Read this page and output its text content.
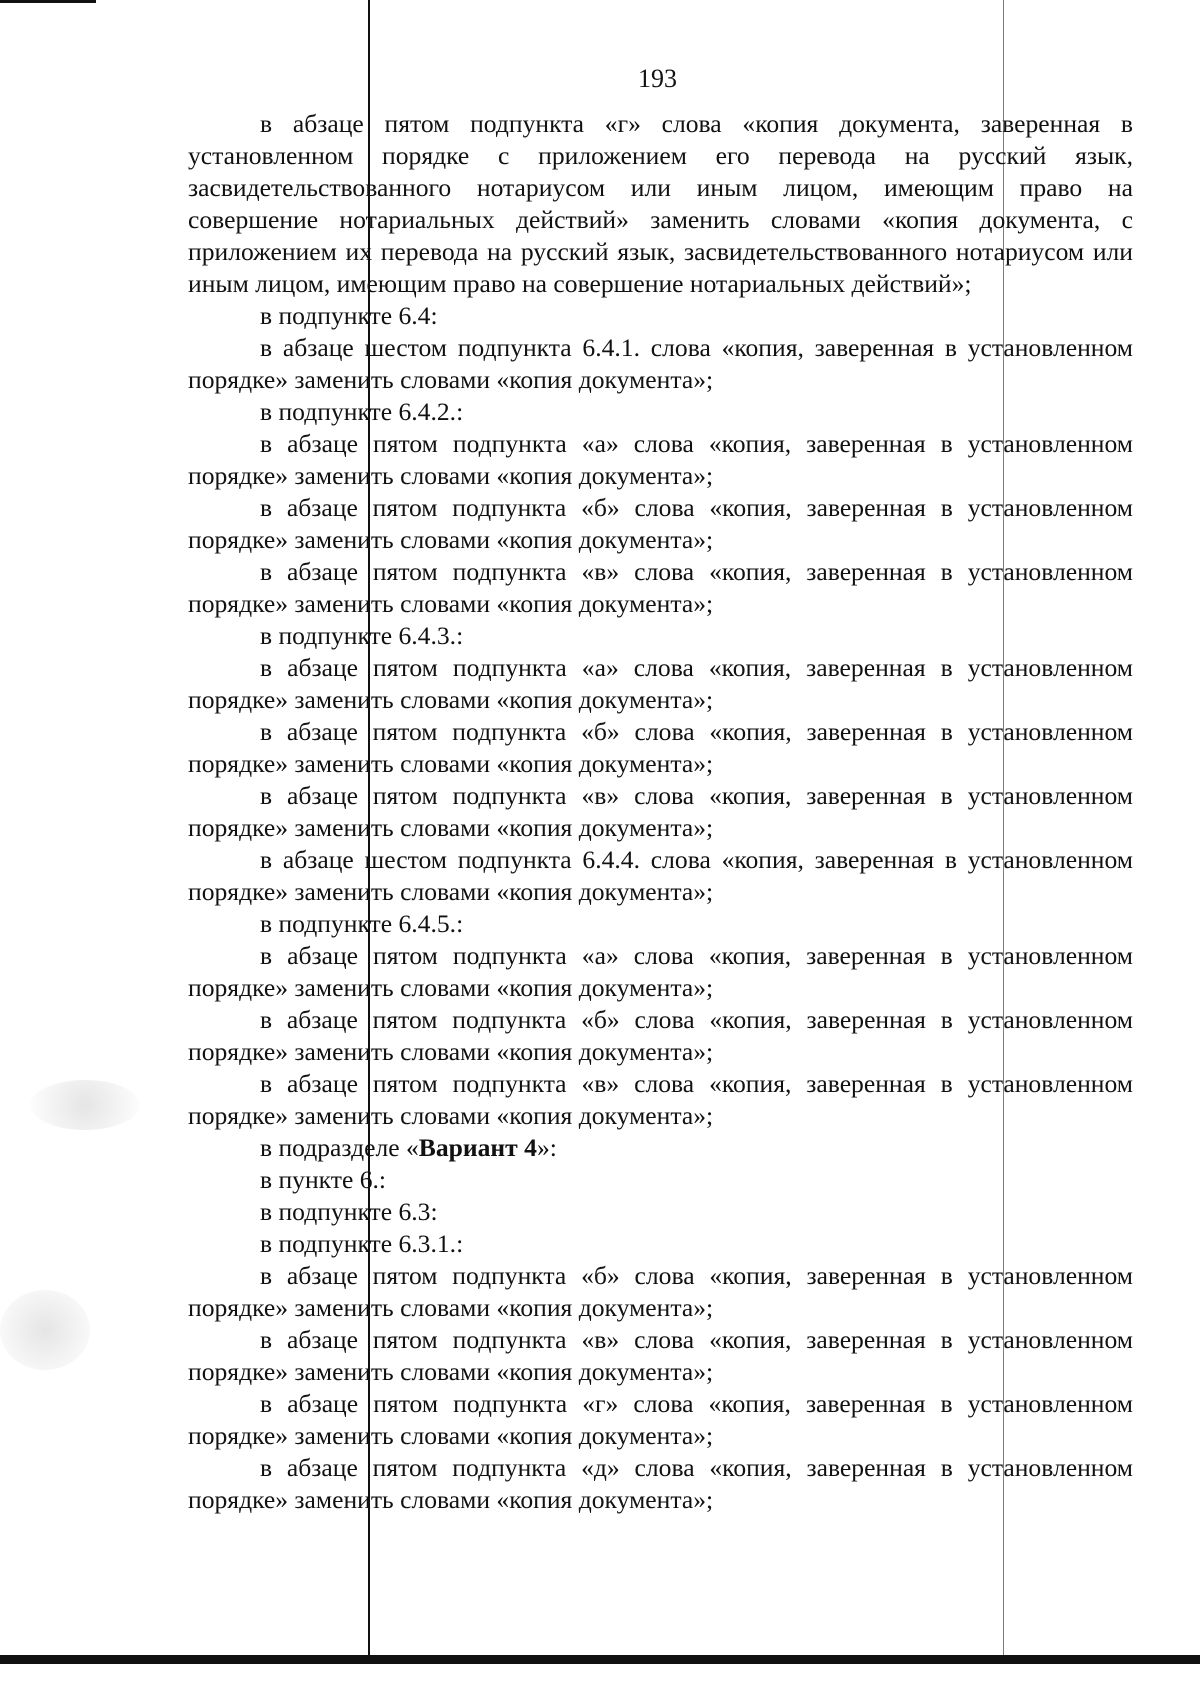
193

в абзаце пятом подпункта «г» слова «копия документа, заверенная в установленном порядке с приложением его перевода на русский язык, засвидетельствованного нотариусом или иным лицом, имеющим право на совершение нотариальных действий» заменить словами «копия документа, с приложением их перевода на русский язык, засвидетельствованного нотариусом или иным лицом, имеющим право на совершение нотариальных действий»;

в подпункте 6.4:

в абзаце шестом подпункта 6.4.1. слова «копия, заверенная в установленном порядке» заменить словами «копия документа»;

в подпункте 6.4.2.:

в абзаце пятом подпункта «а» слова «копия, заверенная в установленном порядке» заменить словами «копия документа»;

в абзаце пятом подпункта «б» слова «копия, заверенная в установленном порядке» заменить словами «копия документа»;

в абзаце пятом подпункта «в» слова «копия, заверенная в установленном порядке» заменить словами «копия документа»;

в подпункте 6.4.3.:

в абзаце пятом подпункта «а» слова «копия, заверенная в установленном порядке» заменить словами «копия документа»;

в абзаце пятом подпункта «б» слова «копия, заверенная в установленном порядке» заменить словами «копия документа»;

в абзаце пятом подпункта «в» слова «копия, заверенная в установленном порядке» заменить словами «копия документа»;

в абзаце шестом подпункта 6.4.4. слова «копия, заверенная в установленном порядке» заменить словами «копия документа»;

в подпункте 6.4.5.:

в абзаце пятом подпункта «а» слова «копия, заверенная в установленном порядке» заменить словами «копия документа»;

в абзаце пятом подпункта «б» слова «копия, заверенная в установленном порядке» заменить словами «копия документа»;

в абзаце пятом подпункта «в» слова «копия, заверенная в установленном порядке» заменить словами «копия документа»;

в подразделе «Вариант 4»:

в пункте 6.:

в подпункте 6.3:

в подпункте 6.3.1.:

в абзаце пятом подпункта «б» слова «копия, заверенная в установленном порядке» заменить словами «копия документа»;

в абзаце пятом подпункта «в» слова «копия, заверенная в установленном порядке» заменить словами «копия документа»;

в абзаце пятом подпункта «г» слова «копия, заверенная в установленном порядке» заменить словами «копия документа»;

в абзаце пятом подпункта «д» слова «копия, заверенная в установленном порядке» заменить словами «копия документа»;
